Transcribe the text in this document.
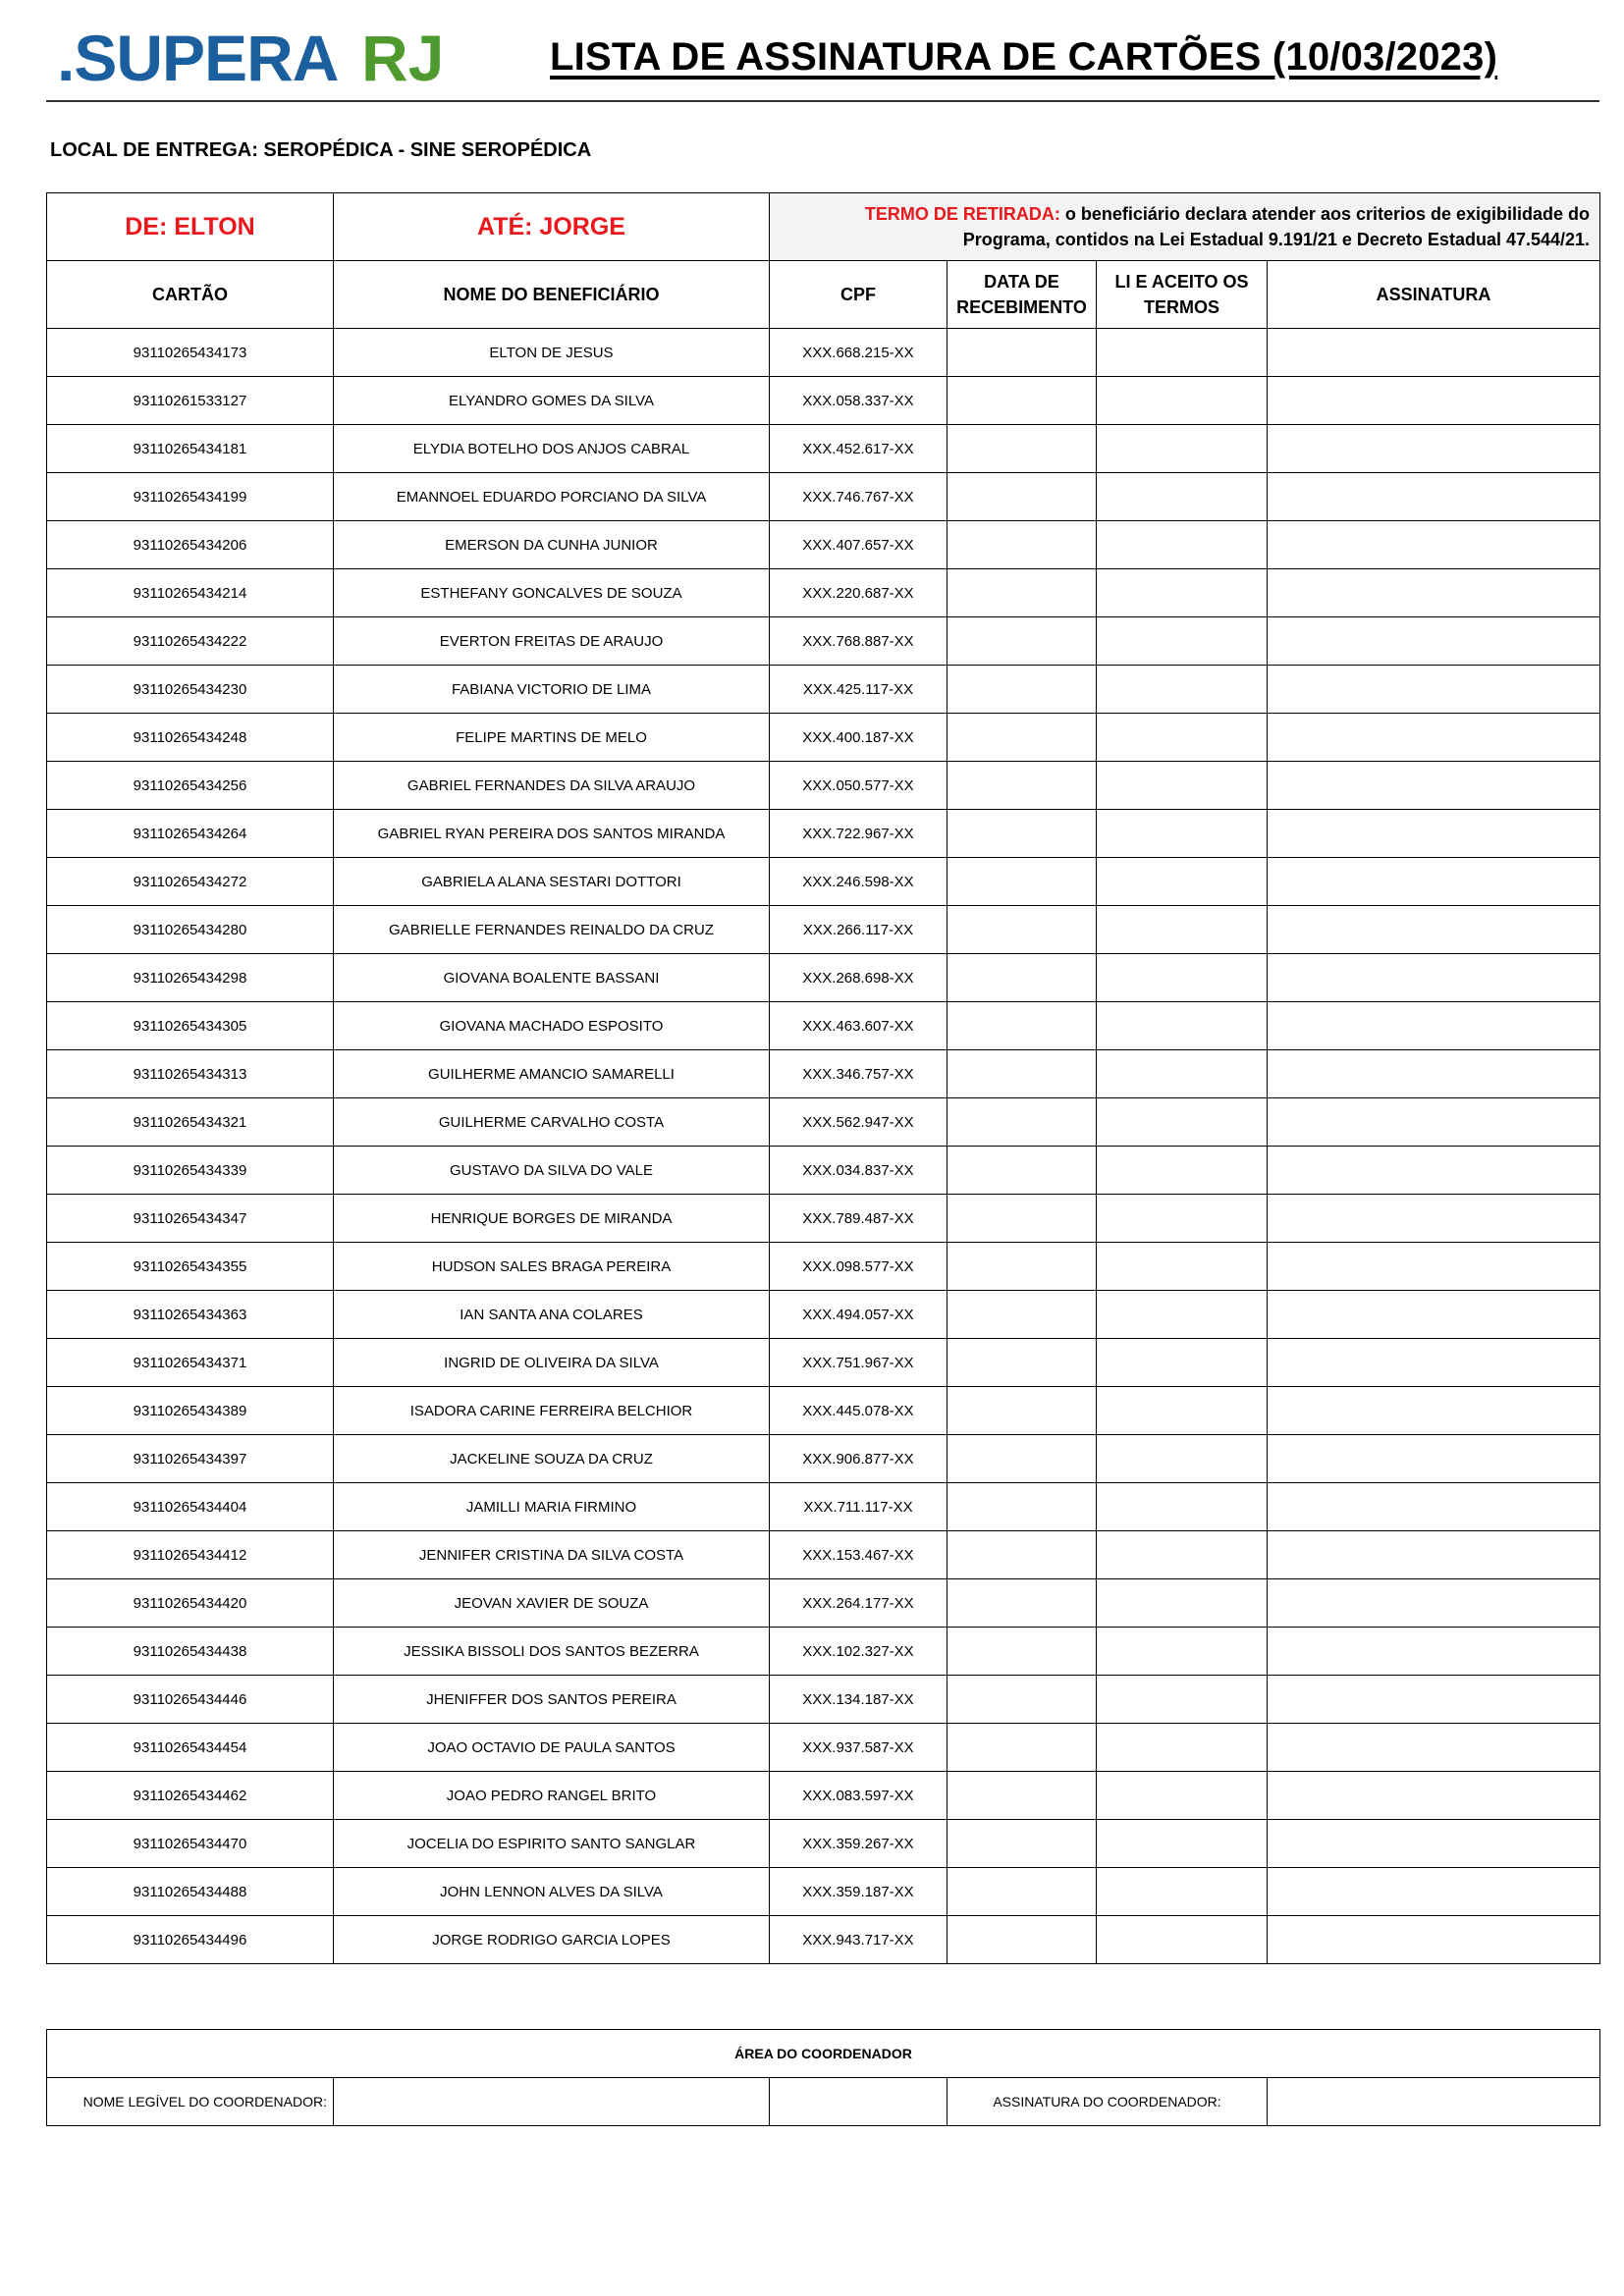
.SUPERA RJ	LISTA DE ASSINATURA DE CARTÕES (10/03/2023)
LOCAL DE ENTREGA: SEROPÉDICA - SINE SEROPÉDICA
DE: ELTON	ATÉ: JORGE	TERMO DE RETIRADA: o beneficiário declara atender aos criterios de exigibilidade do Programa, contidos na Lei Estadual 9.191/21 e Decreto Estadual 47.544/21.			
CARTÃO	NOME DO BENEFICIÁRIO	CPF	DATA DE RECEBIMENTO	LI E ACEITO OS TERMOS	ASSINATURA
93110265434173	ELTON DE JESUS	XXX.668.215-XX			
93110261533127	ELYANDRO GOMES DA SILVA	XXX.058.337-XX			
93110265434181	ELYDIA BOTELHO DOS ANJOS CABRAL	XXX.452.617-XX			
93110265434199	EMANNOEL EDUARDO PORCIANO DA SILVA	XXX.746.767-XX			
93110265434206	EMERSON DA CUNHA JUNIOR	XXX.407.657-XX			
93110265434214	ESTHEFANY GONCALVES DE SOUZA	XXX.220.687-XX			
93110265434222	EVERTON FREITAS DE ARAUJO	XXX.768.887-XX			
93110265434230	FABIANA VICTORIO DE LIMA	XXX.425.117-XX			
93110265434248	FELIPE MARTINS DE MELO	XXX.400.187-XX			
93110265434256	GABRIEL FERNANDES DA SILVA ARAUJO	XXX.050.577-XX			
93110265434264	GABRIEL RYAN PEREIRA DOS SANTOS MIRANDA	XXX.722.967-XX			
93110265434272	GABRIELA ALANA SESTARI DOTTORI	XXX.246.598-XX			
93110265434280	GABRIELLE FERNANDES REINALDO DA CRUZ	XXX.266.117-XX			
93110265434298	GIOVANA BOALENTE BASSANI	XXX.268.698-XX			
93110265434305	GIOVANA MACHADO ESPOSITO	XXX.463.607-XX			
93110265434313	GUILHERME AMANCIO SAMARELLI	XXX.346.757-XX			
93110265434321	GUILHERME CARVALHO COSTA	XXX.562.947-XX			
93110265434339	GUSTAVO DA SILVA DO VALE	XXX.034.837-XX			
93110265434347	HENRIQUE BORGES DE MIRANDA	XXX.789.487-XX			
93110265434355	HUDSON SALES BRAGA PEREIRA	XXX.098.577-XX			
93110265434363	IAN SANTA ANA COLARES	XXX.494.057-XX			
93110265434371	INGRID DE OLIVEIRA DA SILVA	XXX.751.967-XX			
93110265434389	ISADORA CARINE FERREIRA BELCHIOR	XXX.445.078-XX			
93110265434397	JACKELINE SOUZA DA CRUZ	XXX.906.877-XX			
93110265434404	JAMILLI MARIA FIRMINO	XXX.711.117-XX			
93110265434412	JENNIFER CRISTINA DA SILVA COSTA	XXX.153.467-XX			
93110265434420	JEOVAN XAVIER DE SOUZA	XXX.264.177-XX			
93110265434438	JESSIKA BISSOLI DOS SANTOS BEZERRA	XXX.102.327-XX			
93110265434446	JHENIFFER DOS SANTOS PEREIRA	XXX.134.187-XX			
93110265434454	JOAO OCTAVIO DE PAULA SANTOS	XXX.937.587-XX			
93110265434462	JOAO PEDRO RANGEL BRITO	XXX.083.597-XX			
93110265434470	JOCELIA DO ESPIRITO SANTO SANGLAR	XXX.359.267-XX			
93110265434488	JOHN LENNON ALVES DA SILVA	XXX.359.187-XX			
93110265434496	JORGE RODRIGO GARCIA LOPES	XXX.943.717-XX			
ÁREA DO COORDENADOR
NOME LEGÍVEL DO COORDENADOR:			ASSINATURA DO COORDENADOR:	
